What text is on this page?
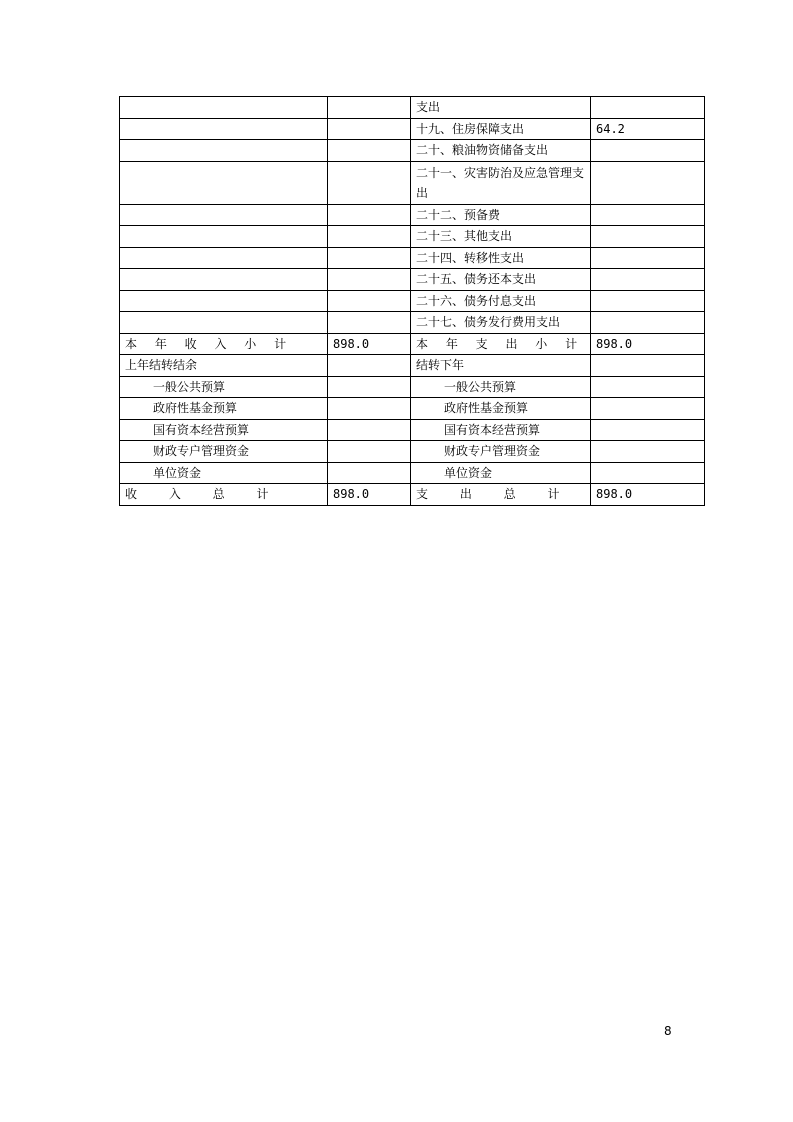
		支出	
		十九、住房保障支出	64.2
		二十、粮油物资储备支出	
		二十一、灾害防治及应急管理支出	
		二十二、预备费	
		二十三、其他支出	
		二十四、转移性支出	
		二十五、债务还本支出	
		二十六、债务付息支出	
		二十七、债务发行费用支出	
本 年 收 入 小 计	898.0	本 年 支 出 小 计	898.0
上年结转结余		结转下年	
一般公共预算		一般公共预算	
政府性基金预算		政府性基金预算	
国有资本经营预算		国有资本经营预算	
财政专户管理资金		财政专户管理资金	
单位资金		单位资金	
收 入 总 计	898.0	支 出 总 计	898.0
8
